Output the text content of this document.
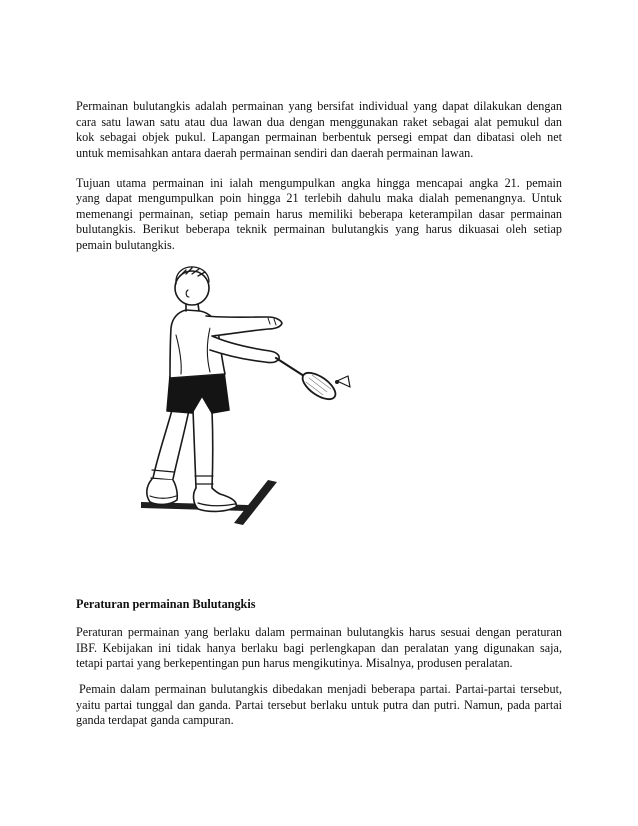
Permainan bulutangkis adalah permainan yang bersifat individual yang dapat dilakukan dengan
cara satu lawan satu atau dua lawan dua dengan menggunakan raket sebagai alat pemukul dan
kok sebagai objek pukul. Lapangan permainan berbentuk persegi empat dan dibatasi oleh net
untuk memisahkan antara daerah permainan sendiri dan daerah permainan lawan.
Tujuan utama permainan ini ialah mengumpulkan angka hingga mencapai angka 21. pemain
yang dapat mengumpulkan poin hingga 21 terlebih dahulu maka dialah pemenangnya. Untuk
memenangi permainan, setiap pemain harus memiliki beberapa keterampilan dasar permainan
bulutangkis. Berikut beberapa teknik permainan bulutangkis yang harus dikuasai oleh setiap
pemain bulutangkis.
Peraturan permainan Bulutangkis
Peraturan permainan yang berlaku dalam permainan bulutangkis harus sesuai dengan peraturan
IBF. Kebijakan ini tidak hanya berlaku bagi perlengkapan dan peralatan yang digunakan saja,
tetapi partai yang berkepentingan pun harus mengikutinya. Misalnya, produsen peralatan.
Pemain dalam permainan bulutangkis dibedakan menjadi beberapa partai. Partai-partai tersebut,
yaitu partai tunggal dan ganda. Partai tersebut berlaku untuk putra dan putri. Namun, pada partai
ganda terdapat ganda campuran.
